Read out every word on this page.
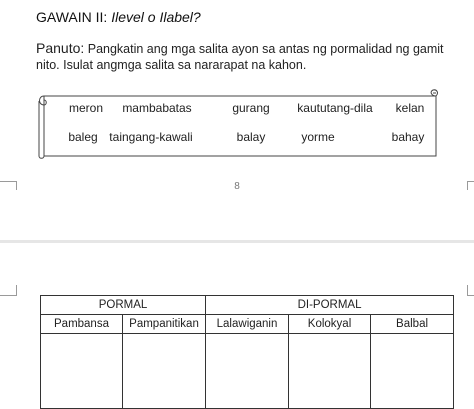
GAWAIN II: Ilevel o Ilabel?
Panuto: Pangkatin ang mga salita ayon sa antas ng pormalidad ng gamit nito. Isulat angmga salita sa nararapat na kahon.
meron mambabatas	gurang kaututang-dila kelan
baleg taingang-kawali	balay	yorme	bahay
8
PORMAL		DI-PORMAL		
Pambansa	Pampanitikan	Lalawiganin	Kolokyal	Balbal
